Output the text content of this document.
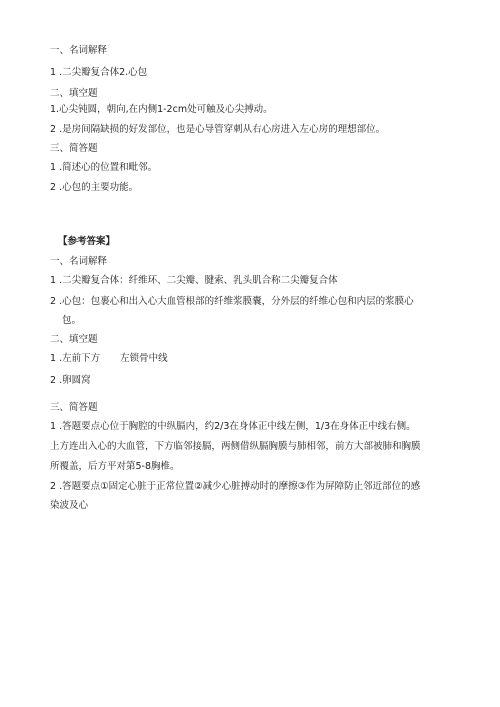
一、名词解释
1 .二尖瓣复合体2.心包
二、填空题
1.心尖钝圆，朝向,在内侧1-2cm处可触及心尖搏动。
2 .是房间隔缺损的好发部位，也是心导管穿刺从右心房进入左心房的理想部位。
三、简答题
1 .简述心的位置和毗邻。
2 .心包的主要功能。
【参考答案】
一、名词解释
1 .二尖瓣复合体：纤维环、二尖瓣、腱索、乳头肌合称二尖瓣复合体
2 .心包：包裹心和出入心大血管根部的纤维浆膜囊，分外层的纤维心包和内层的浆膜心
包。
二、填空题
1 .左前下方 左锁骨中线
2 .卵圆窝
三、简答题
1 .答题要点心位于胸腔的中纵膈内，约2/3在身体正中线左侧，1/3在身体正中线右侧。
上方连出入心的大血管，下方临邻接膈，两侧借纵膈胸膜与肺相邻，前方大部被肺和胸膜
所覆盖，后方平对第5-8胸椎。
2 .答题要点①固定心脏于正常位置②减少心脏搏动时的摩擦③作为屏障防止邻近部位的感
染波及心
